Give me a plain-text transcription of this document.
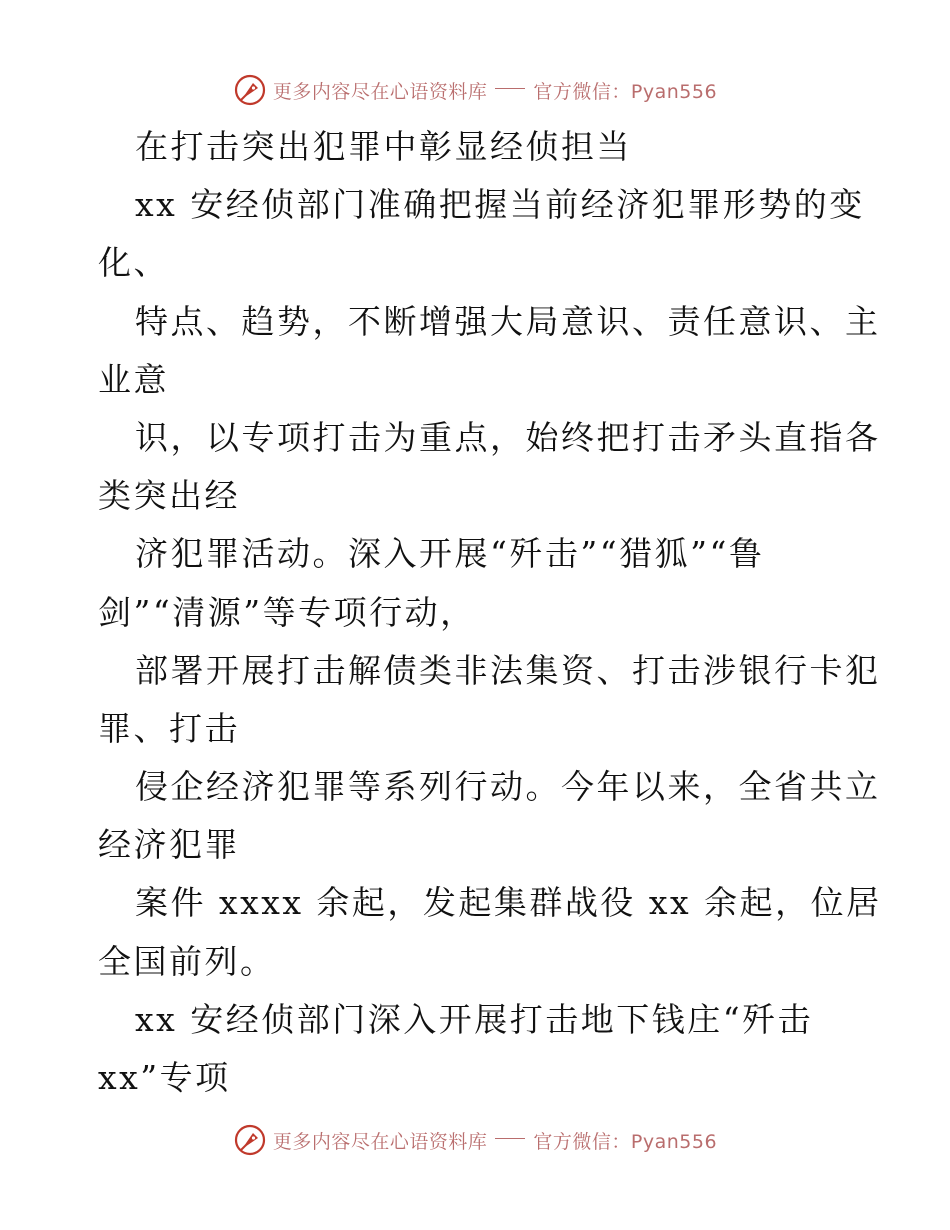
更多内容尽在心语资料库 官方微信：Pyan556
在打击突出犯罪中彰显经侦担当
xx 安经侦部门准确把握当前经济犯罪形势的变
化、
特点、趋势，不断增强大局意识、责任意识、主
业意
识，以专项打击为重点，始终把打击矛头直指各
类突出经
济犯罪活动。深入开展“歼击”“猎狐”“鲁
剑”“清源”等专项行动，
部署开展打击解债类非法集资、打击涉银行卡犯
罪、打击
侵企经济犯罪等系列行动。今年以来，全省共立
经济犯罪
案件 xxxx 余起，发起集群战役 xx 余起，位居
全国前列。
xx 安经侦部门深入开展打击地下钱庄“歼击
xx”专项
更多内容尽在心语资料库 官方微信：Pyan556
